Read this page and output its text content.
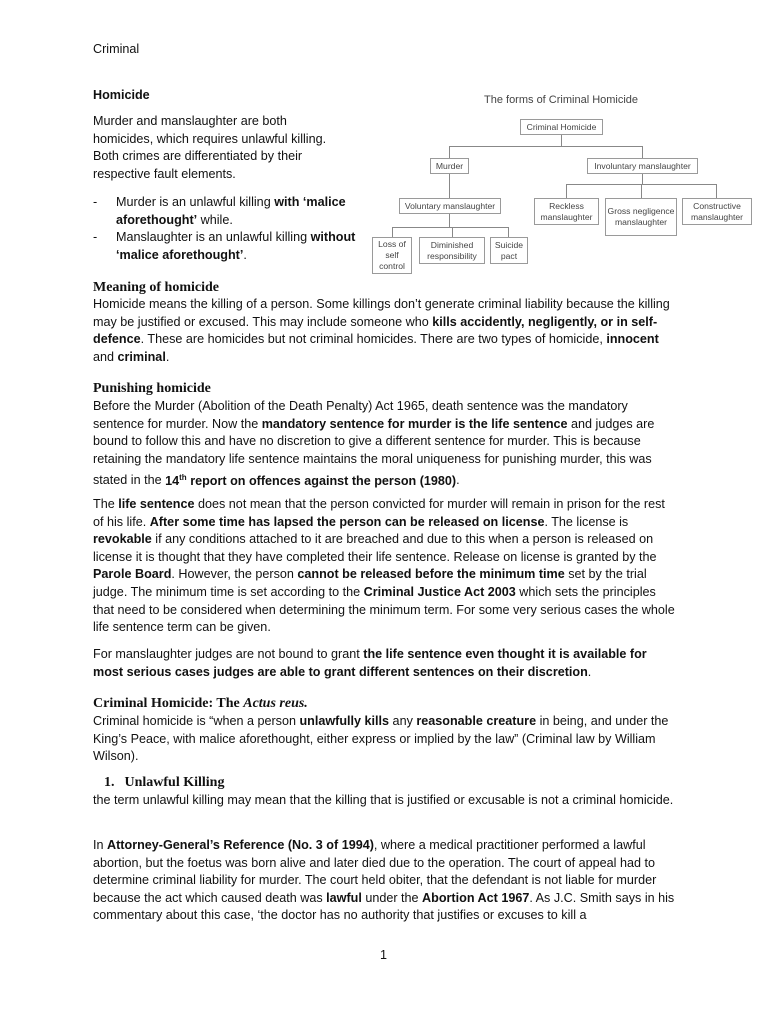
Criminal
Homicide

Murder and manslaughter are both homicides, which requires unlawful killing. Both crimes are differentiated by their respective fault elements.

- Murder is an unlawful killing with ‘malice aforethought’ while.
- Manslaughter is an unlawful killing without ‘malice aforethought’.
The forms of Criminal Homicide
Criminal Homicide
Murder	Involuntary manslaughter
Voluntary manslaughter	Reckless manslaughter
Gross negligence manslaughter
Constructive manslaughter
Loss of self control
Diminished responsibility
Suicide pact
Meaning of homicide

Homicide means the killing of a person. Some killings don’t generate criminal liability because the killing may be justified or excused. This may include someone who kills accidently, negligently, or in self-defence. These are homicides but not criminal homicides. There are two types of homicide, innocent and criminal.

Punishing homicide

Before the Murder (Abolition of the Death Penalty) Act 1965, death sentence was the mandatory sentence for murder. Now the mandatory sentence for murder is the life sentence and judges are bound to follow this and have no discretion to give a different sentence for murder. This is because retaining the mandatory life sentence maintains the moral uniqueness for punishing murder, this was stated in the 14th report on offences against the person (1980).

The life sentence does not mean that the person convicted for murder will remain in prison for the rest of his life. After some time has lapsed the person can be released on license. The license is revokable if any conditions attached to it are breached and due to this when a person is released on license it is thought that they have completed their life sentence. Release on license is granted by the Parole Board. However, the person cannot be released before the minimum time set by the trial judge. The minimum time is set according to the Criminal Justice Act 2003 which sets the principles that need to be considered when determining the minimum term. For some very serious cases the whole life sentence term can be given.

For manslaughter judges are not bound to grant the life sentence even thought it is available for most serious cases judges are able to grant different sentences on their discretion.

Criminal Homicide: The Actus reus.

Criminal homicide is “when a person unlawfully kills any reasonable creature in being, and under the King’s Peace, with malice aforethought, either express or implied by the law” (Criminal law by William Wilson).

1. Unlawful Killing

the term unlawful killing may mean that the killing that is justified or excusable is not a criminal homicide.

In Attorney-General’s Reference (No. 3 of 1994), where a medical practitioner performed a lawful abortion, but the foetus was born alive and later died due to the operation. The court of appeal had to determine criminal liability for murder. The court held obiter, that the defendant is not liable for murder because the act which caused death was lawful under the Abortion Act 1967. As J.C. Smith says in his commentary about this case, ‘the doctor has no authority that justifies or excuses to kill a

1
